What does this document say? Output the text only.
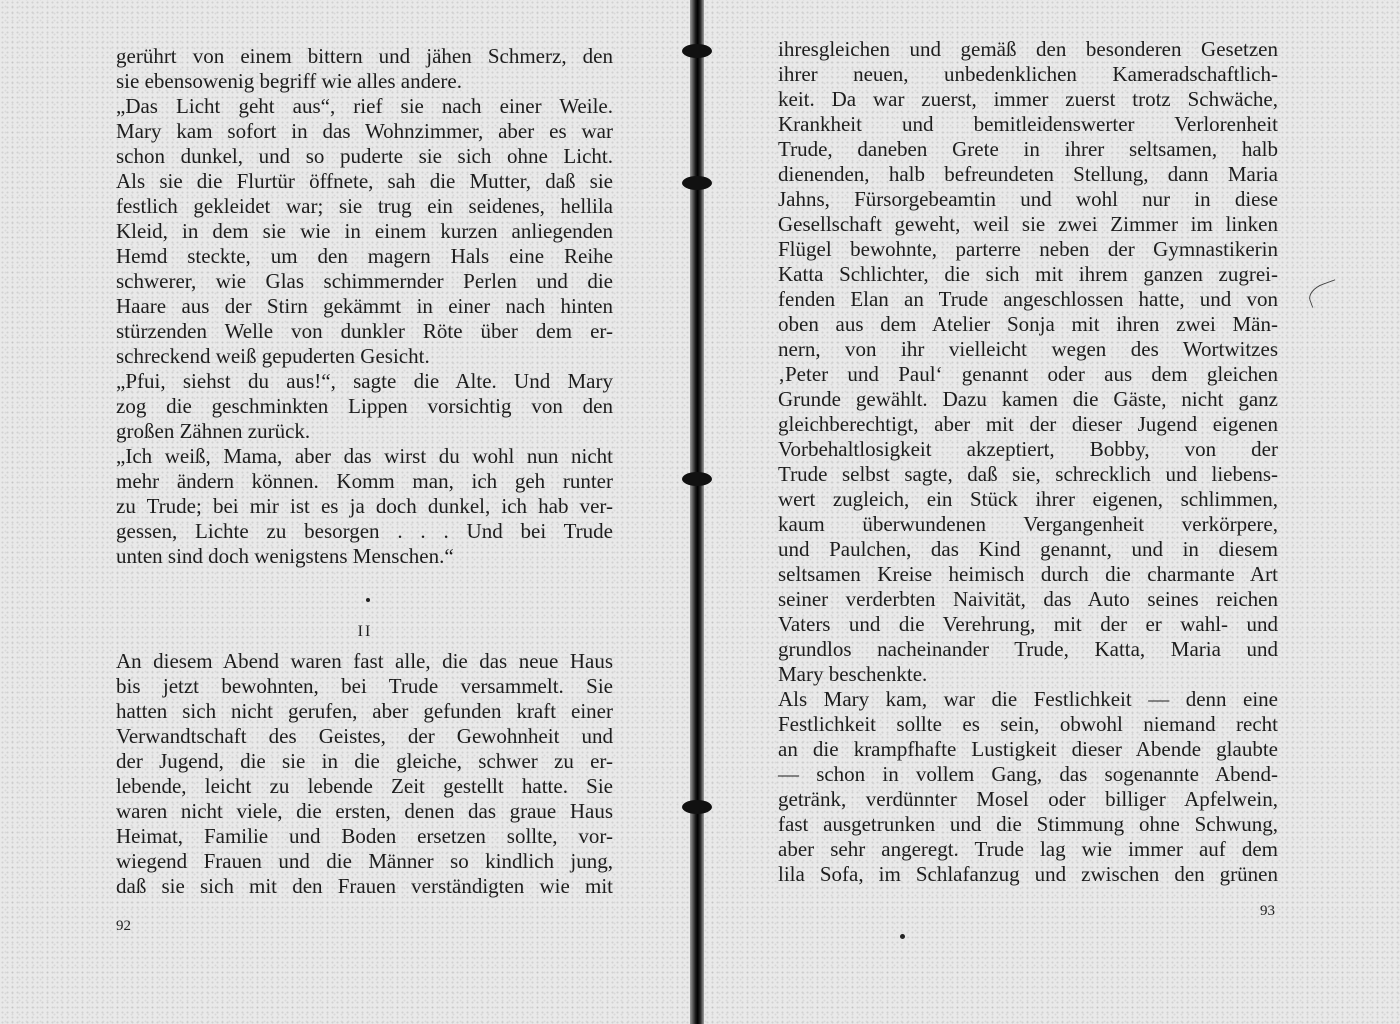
gerührt von einem bittern und jähen Schmerz, den
sie ebensowenig begriff wie alles andere.
„Das Licht geht aus“, rief sie nach einer Weile.
Mary kam sofort in das Wohnzimmer, aber es war
schon dunkel, und so puderte sie sich ohne Licht.
Als sie die Flurtür öffnete, sah die Mutter, daß sie
festlich gekleidet war; sie trug ein seidenes, hellila
Kleid, in dem sie wie in einem kurzen anliegenden
Hemd steckte, um den magern Hals eine Reihe
schwerer, wie Glas schimmernder Perlen und die
Haare aus der Stirn gekämmt in einer nach hinten
stürzenden Welle von dunkler Röte über dem er-
schreckend weiß gepuderten Gesicht.
„Pfui, siehst du aus!“, sagte die Alte. Und Mary
zog die geschminkten Lippen vorsichtig von den
großen Zähnen zurück.
„Ich weiß, Mama, aber das wirst du wohl nun nicht
mehr ändern können. Komm man, ich geh runter
zu Trude; bei mir ist es ja doch dunkel, ich hab ver-
gessen, Lichte zu besorgen . . . Und bei Trude
unten sind doch wenigstens Menschen.“
II
An diesem Abend waren fast alle, die das neue Haus
bis jetzt bewohnten, bei Trude versammelt. Sie
hatten sich nicht gerufen, aber gefunden kraft einer
Verwandtschaft des Geistes, der Gewohnheit und
der Jugend, die sie in die gleiche, schwer zu er-
lebende, leicht zu lebende Zeit gestellt hatte. Sie
waren nicht viele, die ersten, denen das graue Haus
Heimat, Familie und Boden ersetzen sollte, vor-
wiegend Frauen und die Männer so kindlich jung,
daß sie sich mit den Frauen verständigten wie mit
92
ihresgleichen und gemäß den besonderen Gesetzen
ihrer neuen, unbedenklichen Kameradschaftlich-
keit. Da war zuerst, immer zuerst trotz Schwäche,
Krankheit und bemitleidenswerter Verlorenheit
Trude, daneben Grete in ihrer seltsamen, halb
dienenden, halb befreundeten Stellung, dann Maria
Jahns, Fürsorgebeamtin und wohl nur in diese
Gesellschaft geweht, weil sie zwei Zimmer im linken
Flügel bewohnte, parterre neben der Gymnastikerin
Katta Schlichter, die sich mit ihrem ganzen zugrei-
fenden Elan an Trude angeschlossen hatte, und von
oben aus dem Atelier Sonja mit ihren zwei Män-
nern, von ihr vielleicht wegen des Wortwitzes
‚Peter und Paul‘ genannt oder aus dem gleichen
Grunde gewählt. Dazu kamen die Gäste, nicht ganz
gleichberechtigt, aber mit der dieser Jugend eigenen
Vorbehaltlosigkeit akzeptiert, Bobby, von der
Trude selbst sagte, daß sie, schrecklich und liebens-
wert zugleich, ein Stück ihrer eigenen, schlimmen,
kaum überwundenen Vergangenheit verkörpere,
und Paulchen, das Kind genannt, und in diesem
seltsamen Kreise heimisch durch die charmante Art
seiner verderbten Naivität, das Auto seines reichen
Vaters und die Verehrung, mit der er wahl- und
grundlos nacheinander Trude, Katta, Maria und
Mary beschenkte.
Als Mary kam, war die Festlichkeit — denn eine
Festlichkeit sollte es sein, obwohl niemand recht
an die krampfhafte Lustigkeit dieser Abende glaubte
— schon in vollem Gang, das sogenannte Abend-
getränk, verdünnter Mosel oder billiger Apfelwein,
fast ausgetrunken und die Stimmung ohne Schwung,
aber sehr angeregt. Trude lag wie immer auf dem
lila Sofa, im Schlafanzug und zwischen den grünen
93
